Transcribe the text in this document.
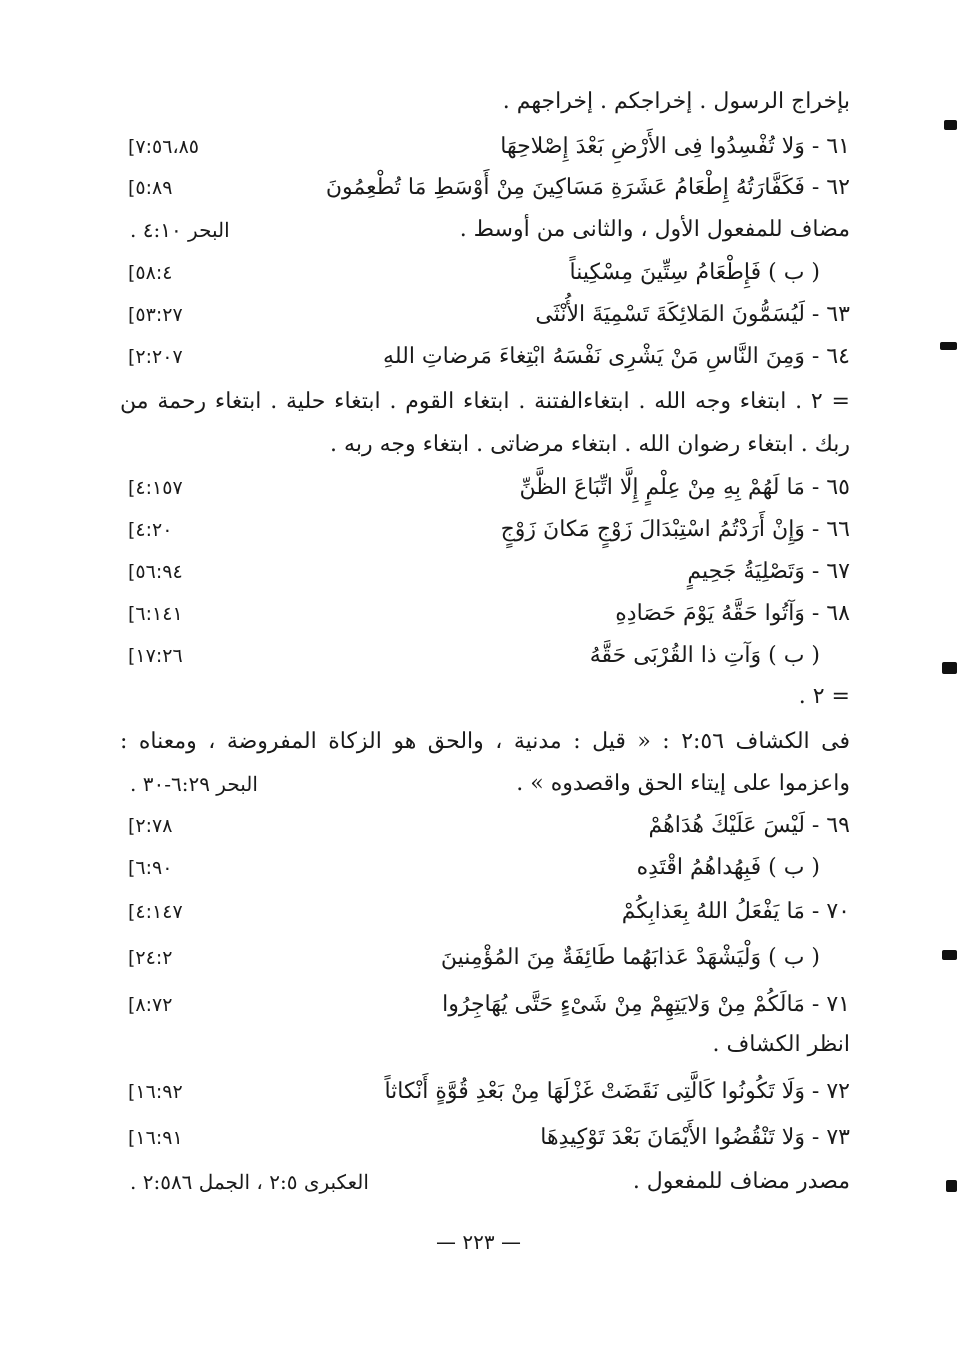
بإخراج الرسول . إخراجكم . إخراجهم .
٦١ - وَلا تُفْسِدُوا فِى الأَرْضِ بَعْدَ إِصْلاحِهَا
[٧:٥٦،٨٥
٦٢ - فَكَفَّارَتُهُ إِطْعَامُ عَشَرَةِ مَسَاكِينَ مِنْ أَوْسَطِ مَا تُطْعِمُونَ
[٥:٨٩
مضاف للمفعول الأول ، والثانى من أوسط .
البحر ٤:١٠ .
( ب ) فَإِطْعَامُ سِتِّينَ مِسْكِيناً
[٥٨:٤
٦٣ - لَيُسَمُّونَ المَلائِكَةَ تَسْمِيَةَ الأُنْثَى
[٥٣:٢٧
٦٤ - وَمِنَ النَّاسِ مَنْ يَشْرِى نَفْسَهُ ابْتِغاءَ مَرضاتِ اللهِ
[٢:٢٠٧
= ٢ . ابتغاء وجه الله . ابتغاءالفتنة . ابتغاء القوم . ابتغاء حلية . ابتغاء رحمة من
ربك . ابتغاء رضوان الله . ابتغاء مرضاتى . ابتغاء وجه ربه .
٦٥ - مَا لَهُمْ بِهِ مِنْ عِلْمٍ إِلَّا اتِّبَاعَ الظَّنِّ
[٤:١٥٧
٦٦ - وَإِنْ أَرَدْتُمُ اسْتِبْدَالَ زَوْجٍ مَكانَ زَوْجٍ
[٤:٢٠
٦٧ - وَتَصْلِيَةُ جَحِيمٍ
[٥٦:٩٤
٦٨ - وَآتُوا حَقَّهُ يَوْمَ حَصَادِهِ
[٦:١٤١
( ب ) وَآتِ ذا القُرْبَى حَقَّهُ
[١٧:٢٦
= ٢ .
فى الكشاف ٢:٥٦ : « قيل : مدنية ، والحق هو الزكاة المفروضة ، ومعناه :
واعزموا على إيتاء الحق واقصدوه » .
البحر ٦:٢٩-٣٠ .
٦٩ - لَيْسَ عَلَيْكَ هُدَاهُمْ
[٢:٧٨
( ب ) فَبِهُداهُمُ اقْتَدِه
[٦:٩٠
٧٠ - مَا يَفْعَلُ اللهُ بِعَذابِكُمْ
[٤:١٤٧
( ب ) وَلْيَشْهَدْ عَذابَهُما طَائِفَةٌ مِنَ المُؤْمِنينَ
[٢٤:٢
٧١ - مَالَكُمْ مِنْ وَلايَتِهِمْ مِنْ شَىْءٍ حَتَّى يُهَاجِرُوا
[٨:٧٢
انظر الكشاف .
٧٢ - وَلَا تَكُونُوا كَالَّتِى نَقَضَتْ غَزْلَهَا مِنْ بَعْدِ قُوَّةٍ أَنْكاثاً
[١٦:٩٢
٧٣ - وَلا تَنْقُضُوا الأَيْمَانَ بَعْدَ تَوْكِيدِهَا
[١٦:٩١
مصدر مضاف للمفعول .
العكبرى ٢:٥ ، الجمل ٢:٥٨٦ .
— ٢٢٣ —
